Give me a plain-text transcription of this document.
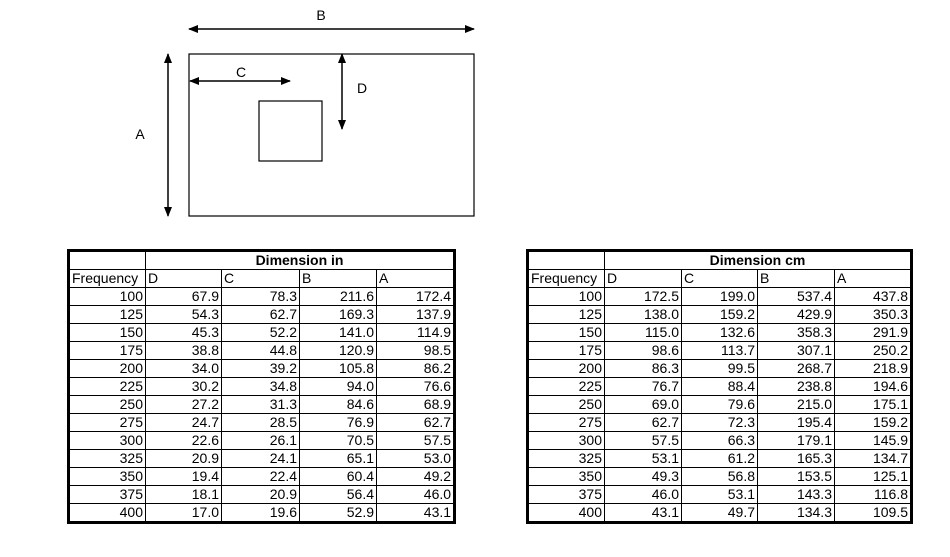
B
A
C
D
	Dimension in			
Frequency	D	C	B	A
100	67.9	78.3	211.6	172.4
125	54.3	62.7	169.3	137.9
150	45.3	52.2	141.0	114.9
175	38.8	44.8	120.9	98.5
200	34.0	39.2	105.8	86.2
225	30.2	34.8	94.0	76.6
250	27.2	31.3	84.6	68.9
275	24.7	28.5	76.9	62.7
300	22.6	26.1	70.5	57.5
325	20.9	24.1	65.1	53.0
350	19.4	22.4	60.4	49.2
375	18.1	20.9	56.4	46.0
400	17.0	19.6	52.9	43.1
	Dimension cm			
Frequency	D	C	B	A
100	172.5	199.0	537.4	437.8
125	138.0	159.2	429.9	350.3
150	115.0	132.6	358.3	291.9
175	98.6	113.7	307.1	250.2
200	86.3	99.5	268.7	218.9
225	76.7	88.4	238.8	194.6
250	69.0	79.6	215.0	175.1
275	62.7	72.3	195.4	159.2
300	57.5	66.3	179.1	145.9
325	53.1	61.2	165.3	134.7
350	49.3	56.8	153.5	125.1
375	46.0	53.1	143.3	116.8
400	43.1	49.7	134.3	109.5
